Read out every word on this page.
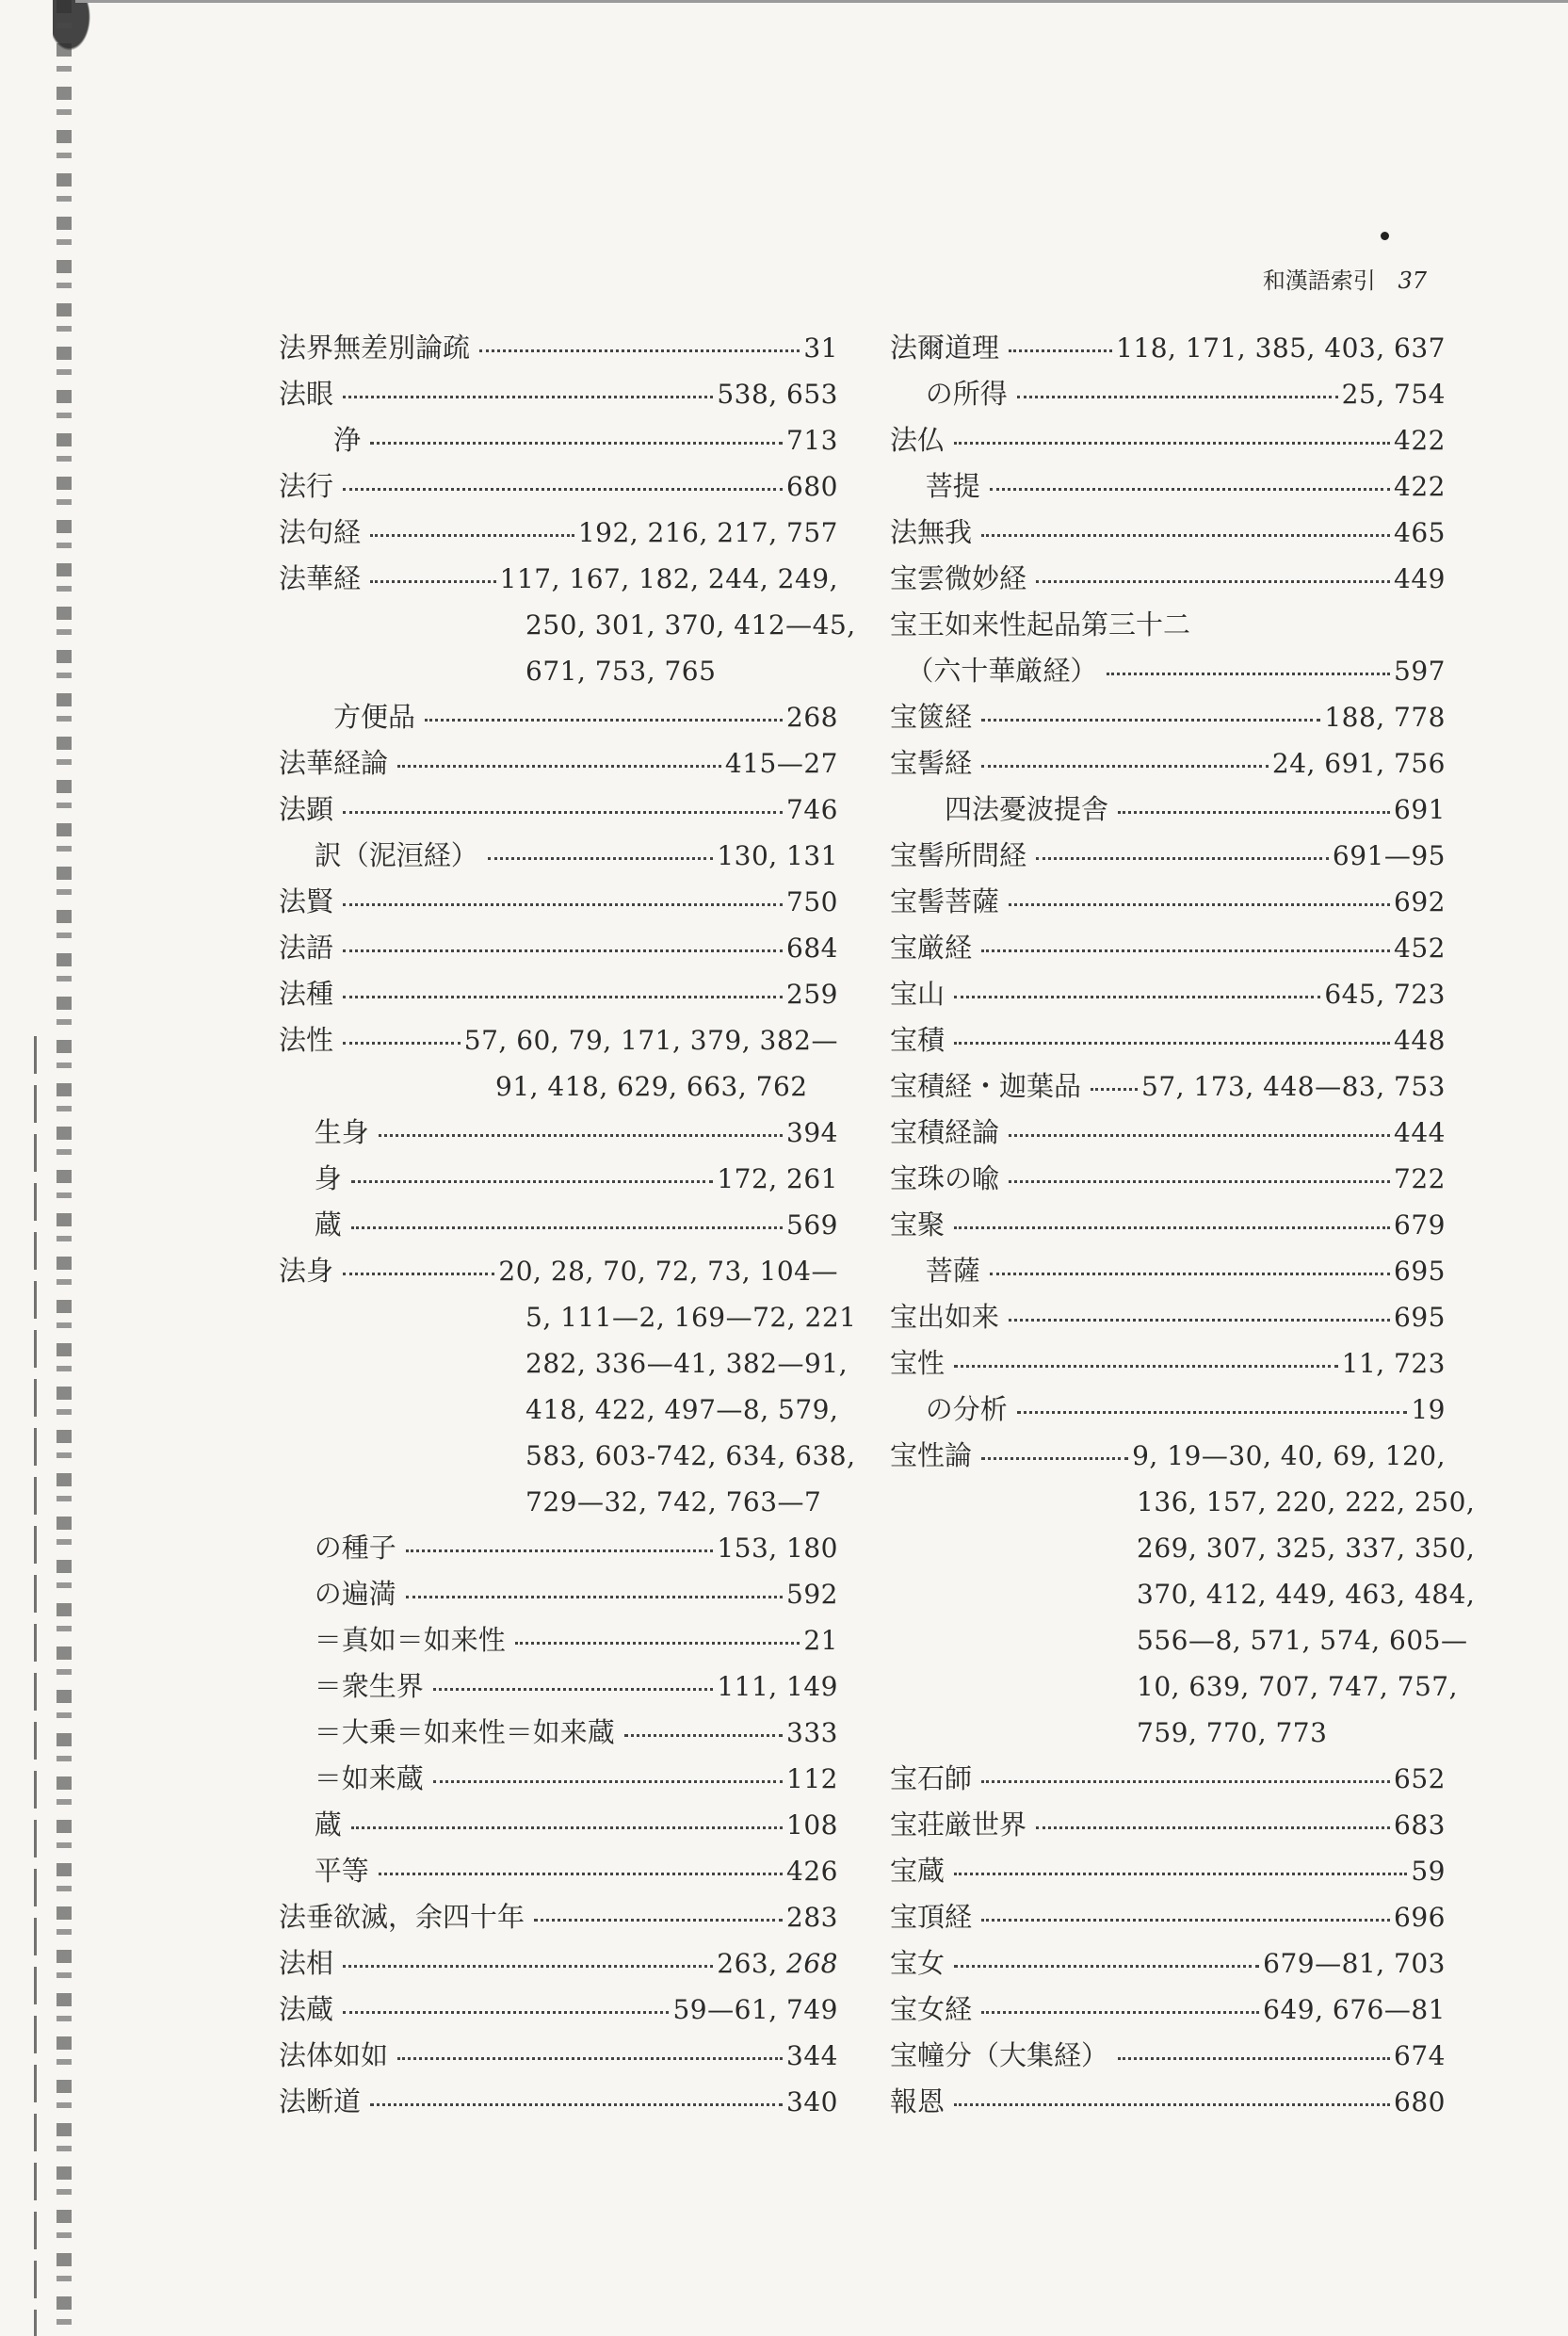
和漢語索引 37
法界無差別論疏	31
法眼	538, 653
浄	713
法行	680
法句経	192, 216, 217, 757
法華経	117, 167, 182, 244, 249,
250, 301, 370, 412—45,
671, 753, 765
方便品	268
法華経論	415—27
法顕	746
訳（泥洹経）	130, 131
法賢	750
法語	684
法種	259
法性	57, 60, 79, 171, 379, 382—
91, 418, 629, 663, 762
生身	394
身	172, 261
蔵	569
法身	20, 28, 70, 72, 73, 104—
5, 111—2, 169—72, 221
282, 336—41, 382—91,
418, 422, 497—8, 579,
583, 603-742, 634, 638,
729—32, 742, 763—7
の種子	153, 180
の遍満	592
＝真如＝如来性	21
＝衆生界	111, 149
＝大乗＝如来性＝如来蔵	333
＝如来蔵	112
蔵	108
平等	426
法垂欲滅，余四十年	283
法相	263, 268
法蔵	59—61, 749
法体如如	344
法断道	340
法爾道理	118, 171, 385, 403, 637
の所得	25, 754
法仏	422
菩提	422
法無我	465
宝雲微妙経	449
宝王如来性起品第三十二
（六十華厳経）	597
宝篋経	188, 778
宝髻経	24, 691, 756
四法憂波提舎	691
宝髻所問経	691—95
宝髻菩薩	692
宝厳経	452
宝山	645, 723
宝積	448
宝積経・迦葉品 57, 173, 448—83, 753
宝積経論	444
宝珠の喩	722
宝聚	679
菩薩	695
宝出如来	695
宝性	11, 723
の分析	19
宝性論	9, 19—30, 40, 69, 120,
136, 157, 220, 222, 250,
269, 307, 325, 337, 350,
370, 412, 449, 463, 484,
556—8, 571, 574, 605—
10, 639, 707, 747, 757,
759, 770, 773
宝石師	652
宝荘厳世界	683
宝蔵	59
宝頂経	696
宝女	679—81, 703
宝女経	649, 676—81
宝幢分（大集経）	674
報恩	680
